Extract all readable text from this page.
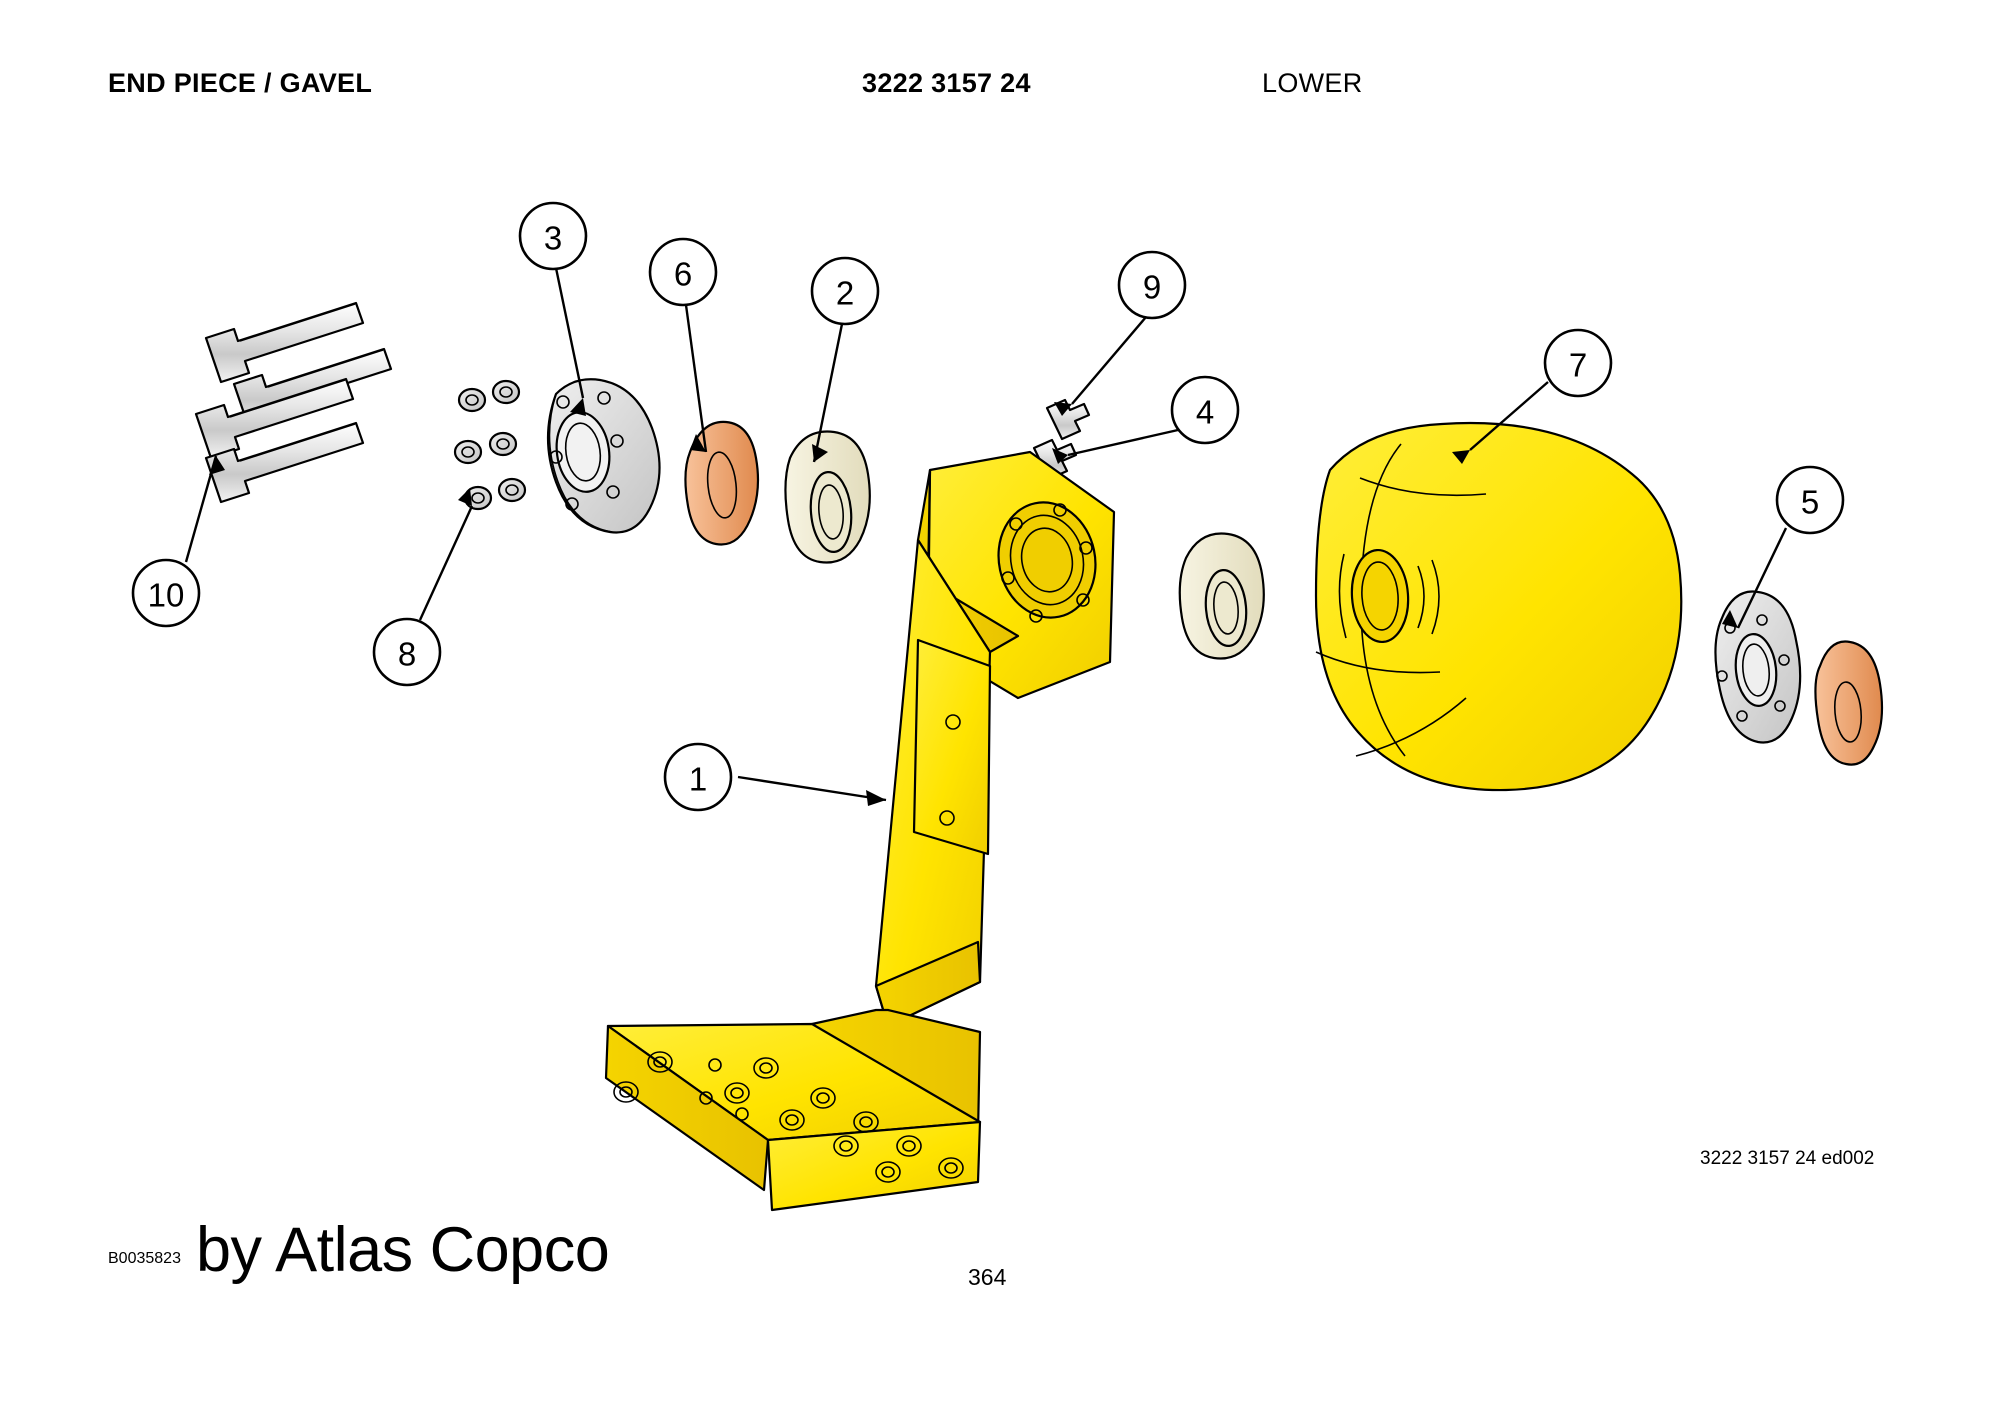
END PIECE / GAVEL	3222 3157 24	LOWER
3
6
2	9
4
7
5
10
8
1
3222 3157 24 ed002
B0035823 by Atlas Copco	364
